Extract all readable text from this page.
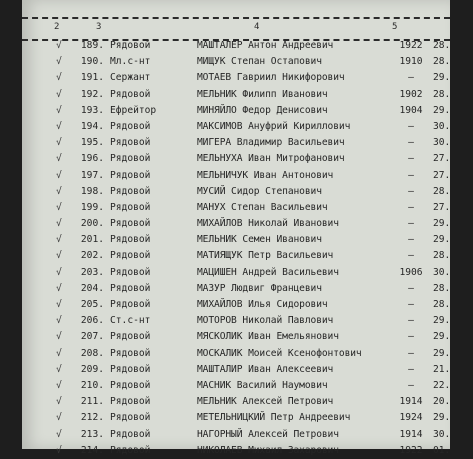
2	3	4	5
√	189. Рядовой	МАШТАЛЕР Антон Андреевич	1922	28.
√	190. Мл.с-нт	МИЩУК Степан Остапович	1910	28.
√	191. Сержант	МОТАЕВ Гавриил Никифорович	–	29.
√	192. Рядовой	МЕЛЬНИК Филипп Иванович	1902	28.
√	193. Ефрейтор	МИНЯЙЛО Федор Денисович	1904	29.
√	194. Рядовой	МАКСИМОВ Ануфрий Кириллович	–	30.
√	195. Рядовой	МИГЕРА Владимир Васильевич	–	30.
√	196. Рядовой	МЕЛЬНУХА Иван Митрофанович	–	27.
√	197. Рядовой	МЕЛЬНИЧУК Иван Антонович	–	27.
√	198. Рядовой	МУСИЙ Сидор Степанович	–	28.
√	199. Рядовой	МАНУХ Степан Васильевич	–	27.
√	200. Рядовой	МИХАЙЛОВ Николай Иванович	–	29.
√	201. Рядовой	МЕЛЬНИК Семен Иванович	–	29.
√	202. Рядовой	МАТИЯЩУК Петр Васильевич	–	28.
√	203. Рядовой	МАЦИШЕН Андрей Васильевич	1906	30.
√	204. Рядовой	МАЗУР Людвиг Францевич	–	28.
√	205. Рядовой	МИХАЙЛОВ Илья Сидорович	–	28.
√	206. Ст.с-нт	МОТОРОВ Николай Павлович	–	29.
√	207. Рядовой	МЯСКОЛИК Иван Емельянович	–	29.
√	208. Рядовой	МОСКАЛИК Моисей Ксенофонтович	–	29.
√	209. Рядовой	МАШТАЛИР Иван Алексеевич	–	21.
√	210. Рядовой	МАСНИК Василий Наумович	–	22.
√	211. Рядовой	МЕЛЬНИК Алексей Петрович	1914	20.
√	212. Рядовой	МЕТЕЛЬНИЦКИЙ Петр Андреевич	1924	29.
√	213. Рядовой	НАГОРНЫЙ Алексей Петрович	1914	30.
√	214. Рядовой	НИКОЛАЕВ Михаил Захарович	1922	01.
